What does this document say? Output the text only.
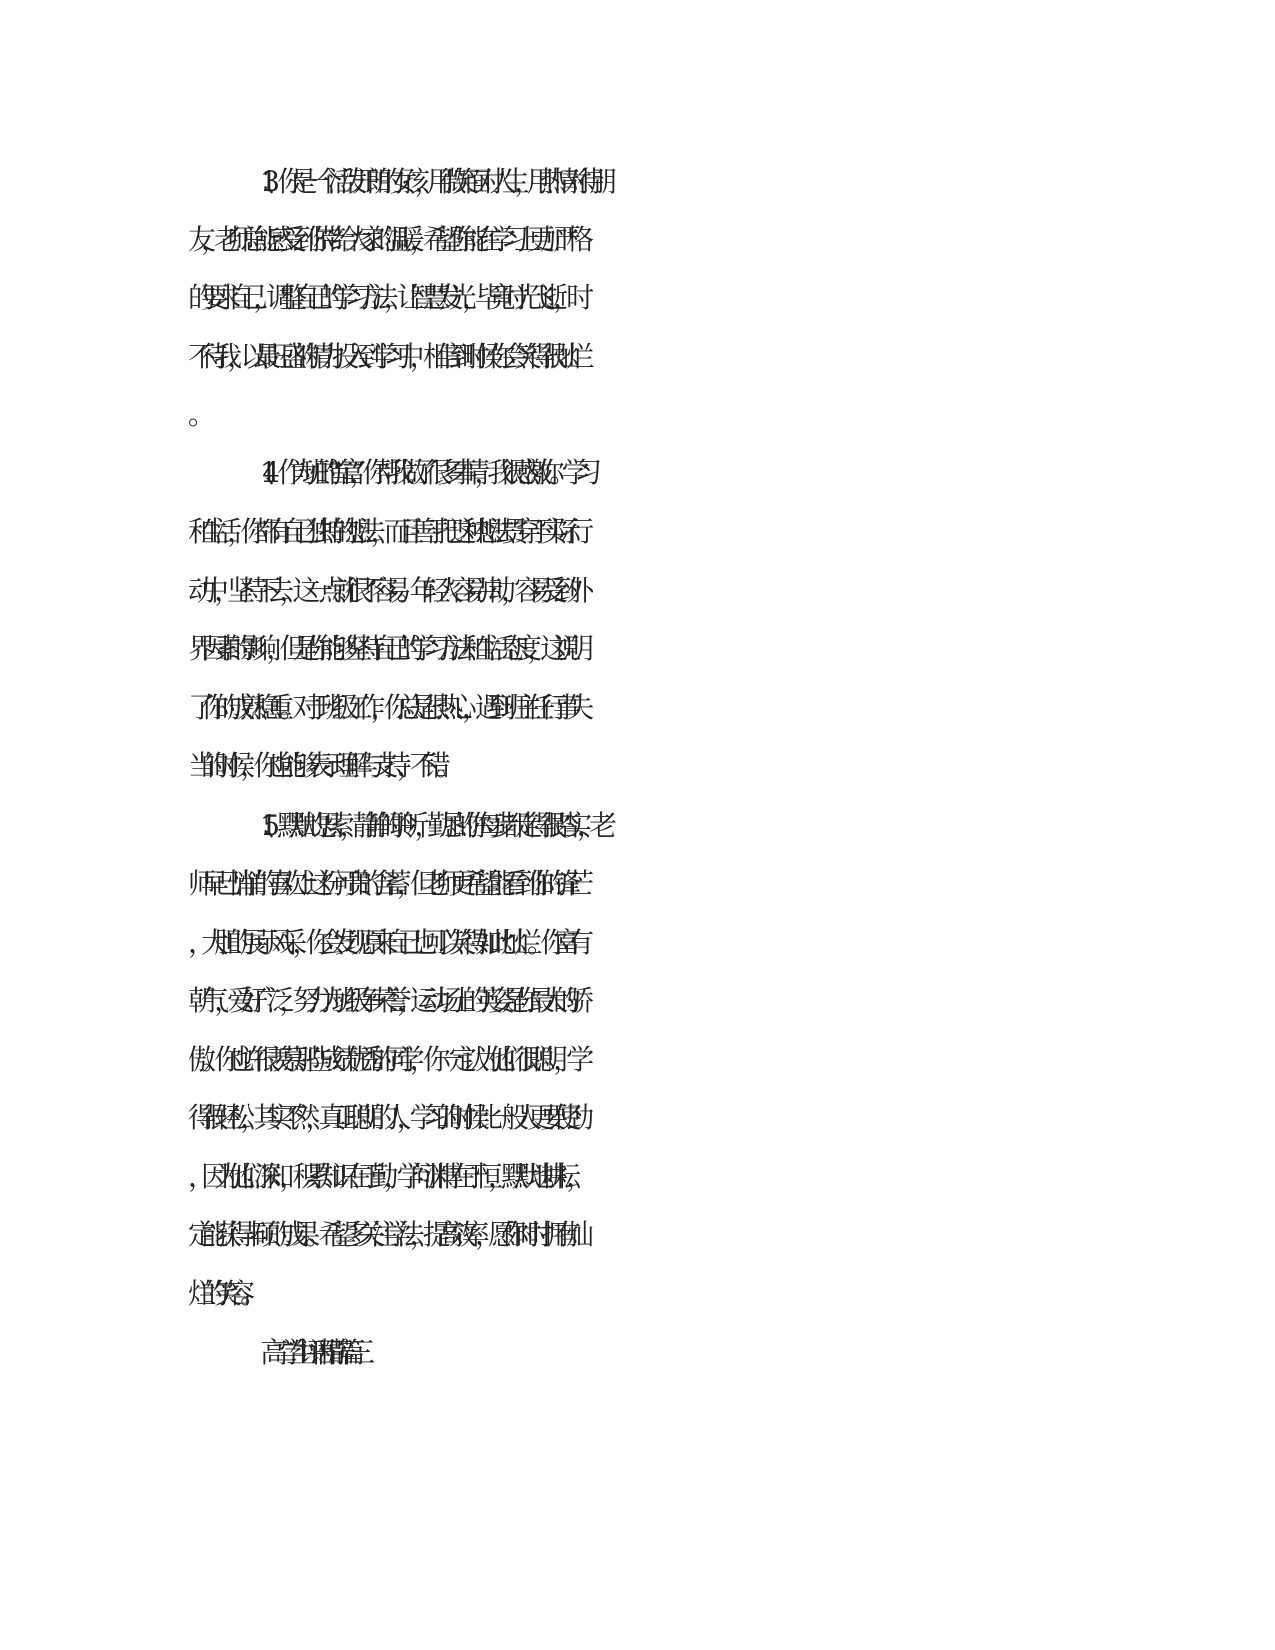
13、你是一个活泼开朗的女孩，用微笑面对人生，用热情对待朋

友，老师总能感受到你带给大家的温暖，希望你能在学习上更加严格

的要求自己，调整自己的学习方法，让智慧发光，毕竟时光飞逝，时

不待我，以最旺盛的精力投入到学习中，相信到时候你会笑得很灿烂

。

14、作为班的“首富”，你帮我做了很多事情，我很感激你。学习

和生活，你都有自己独特的想法，而且善于把这种想法贯穿于实际行

动中，坚持下去，这一点就很不容易。年轻人容易冲动，容易受到外

界因素的影响，但是你能够坚持自己的学习方法和生活态度，这说明

了你的成熟稳重。对于班级工作，你总是很热心，遇到班主任行事失

当的时候，你也能够表示理解与支持，不错。

15、默默的思索，静静的聆听，勤恳的你每步都走得很踏实，老

师早已悄悄的喜欢上这份可贵的含蓄，但老师更希望能看到你的锋芒

，大胆的展示风采，你会发现原来自己也可以笑得如此灿烂。你富有

朝气，爱好广泛，努力为班级争荣誉，运动场上的英姿是你最大的骄

傲。你也许很羡慕那些成绩优秀的同学，你一定认为他们很聪明，学

得很轻松，其实不然，真正聪明的人，学习的时候比一般人更要使劲

，因为他们深知，积累知识在于勤，学问渊博在于恒，默默地耕耘，

定能获得丰硕的成果。希望多关注学法，提高效率，愿你时时拥有灿

烂的笑容。

高二学生评语精辟篇三
